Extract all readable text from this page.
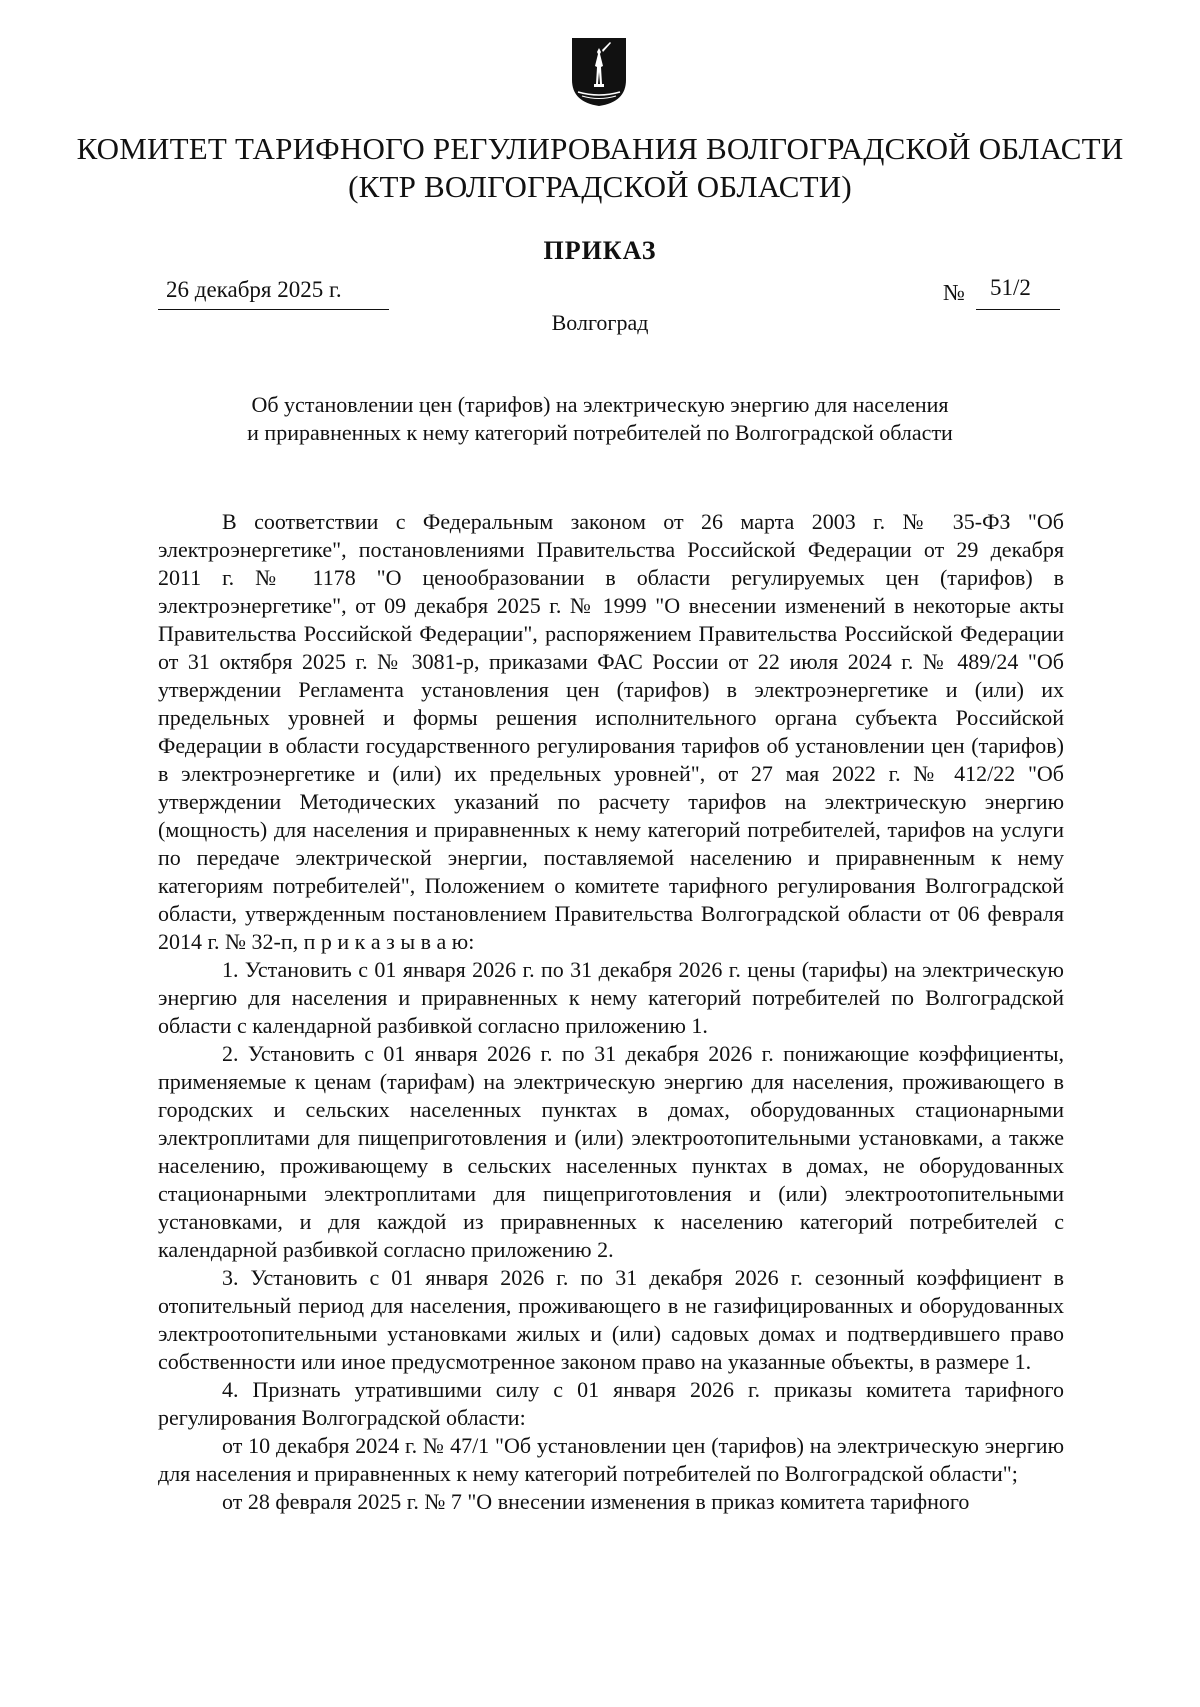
КОМИТЕТ ТАРИФНОГО РЕГУЛИРОВАНИЯ ВОЛГОГРАДСКОЙ ОБЛАСТИ
(КТР ВОЛГОГРАДСКОЙ ОБЛАСТИ)
ПРИКАЗ
26 декабря 2025 г.	№ 51/2
Волгоград
Об установлении цен (тарифов) на электрическую энергию для населения
и приравненных к нему категорий потребителей по Волгоградской области

В соответствии с Федеральным законом от 26 марта 2003 г. № 35-ФЗ "Об электроэнергетике", постановлениями Правительства Российской Федерации от 29 декабря 2011 г. № 1178 "О ценообразовании в области регулируемых цен (тарифов) в электроэнергетике", от 09 декабря 2025 г. № 1999 "О внесении изменений в некоторые акты Правительства Российской Федерации", распоряжением Правительства Российской Федерации от 31 октября 2025 г. № 3081-р, приказами ФАС России от 22 июля 2024 г. № 489/24 "Об утверждении Регламента установления цен (тарифов) в электроэнергетике и (или) их предельных уровней и формы решения исполнительного органа субъекта Российской Федерации в области государственного регулирования тарифов об установлении цен (тарифов) в электроэнергетике и (или) их предельных уровней", от 27 мая 2022 г. № 412/22 "Об утверждении Методических указаний по расчету тарифов на электрическую энергию (мощность) для населения и приравненных к нему категорий потребителей, тарифов на услуги по передаче электрической энергии, поставляемой населению и приравненным к нему категориям потребителей", Положением о комитете тарифного регулирования Волгоградской области, утвержденным постановлением Правительства Волгоградской области от 06 февраля 2014 г. № 32-п, п р и к а з ы в а ю:

1. Установить с 01 января 2026 г. по 31 декабря 2026 г. цены (тарифы) на электрическую энергию для населения и приравненных к нему категорий потребителей по Волгоградской области с календарной разбивкой согласно приложению 1.

2. Установить с 01 января 2026 г. по 31 декабря 2026 г. понижающие коэффициенты, применяемые к ценам (тарифам) на электрическую энергию для населения, проживающего в городских и сельских населенных пунктах в домах, оборудованных стационарными электроплитами для пищеприготовления и (или) электроотопительными установками, а также населению, проживающему в сельских населенных пунктах в домах, не оборудованных стационарными электроплитами для пищеприготовления и (или) электроотопительными установками, и для каждой из приравненных к населению категорий потребителей с календарной разбивкой согласно приложению 2.

3. Установить с 01 января 2026 г. по 31 декабря 2026 г. сезонный коэффициент в отопительный период для населения, проживающего в не газифицированных и оборудованных электроотопительными установками жилых и (или) садовых домах и подтвердившего право собственности или иное предусмотренное законом право на указанные объекты, в размере 1.

4. Признать утратившими силу с 01 января 2026 г. приказы комитета тарифного регулирования Волгоградской области:

от 10 декабря 2024 г. № 47/1 "Об установлении цен (тарифов) на электрическую энергию для населения и приравненных к нему категорий потребителей по Волгоградской области";

от 28 февраля 2025 г. № 7 "О внесении изменения в приказ комитета тарифного
